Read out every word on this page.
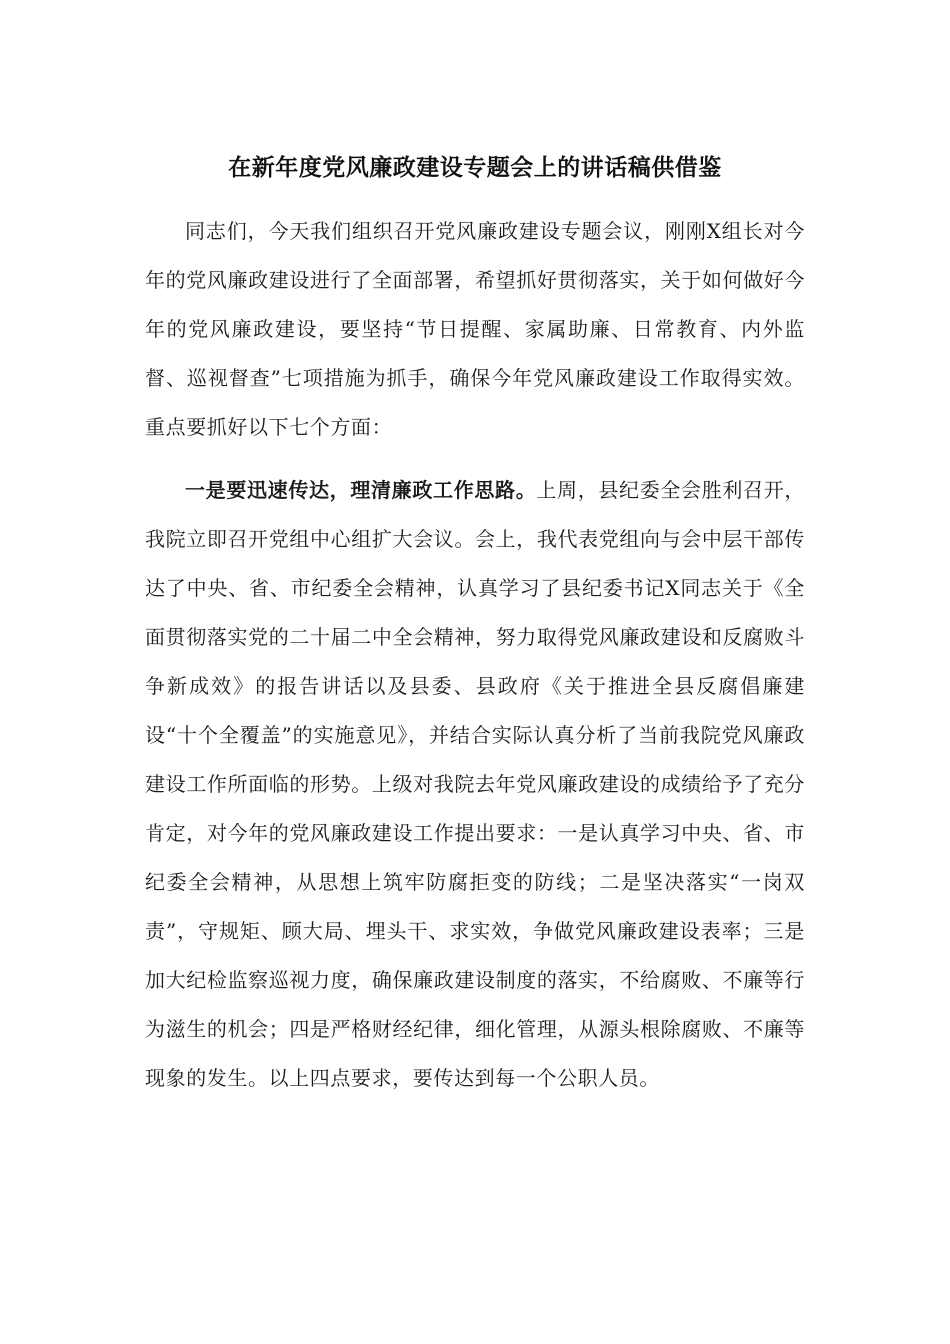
在新年度党风廉政建设专题会上的讲话稿供借鉴

同志们，今天我们组织召开党风廉政建设专题会议，刚刚X组长对今年的党风廉政建设进行了全面部署，希望抓好贯彻落实，关于如何做好今年的党风廉政建设，要坚持“节日提醒、家属助廉、日常教育、内外监督、巡视督查”七项措施为抓手，确保今年党风廉政建设工作取得实效。重点要抓好以下七个方面：

一是要迅速传达，理清廉政工作思路。上周，县纪委全会胜利召开，我院立即召开党组中心组扩大会议。会上，我代表党组向与会中层干部传达了中央、省、市纪委全会精神，认真学习了县纪委书记X同志关于《全面贯彻落实党的二十届二中全会精神，努力取得党风廉政建设和反腐败斗争新成效》的报告讲话以及县委、县政府《关于推进全县反腐倡廉建设“十个全覆盖”的实施意见》，并结合实际认真分析了当前我院党风廉政建设工作所面临的形势。上级对我院去年党风廉政建设的成绩给予了充分肯定，对今年的党风廉政建设工作提出要求：一是认真学习中央、省、市纪委全会精神，从思想上筑牢防腐拒变的防线；二是坚决落实“一岗双责”，守规矩、顾大局、埋头干、求实效，争做党风廉政建设表率；三是加大纪检监察巡视力度，确保廉政建设制度的落实，不给腐败、不廉等行为滋生的机会；四是严格财经纪律，细化管理，从源头根除腐败、不廉等现象的发生。以上四点要求，要传达到每一个公职人员。
